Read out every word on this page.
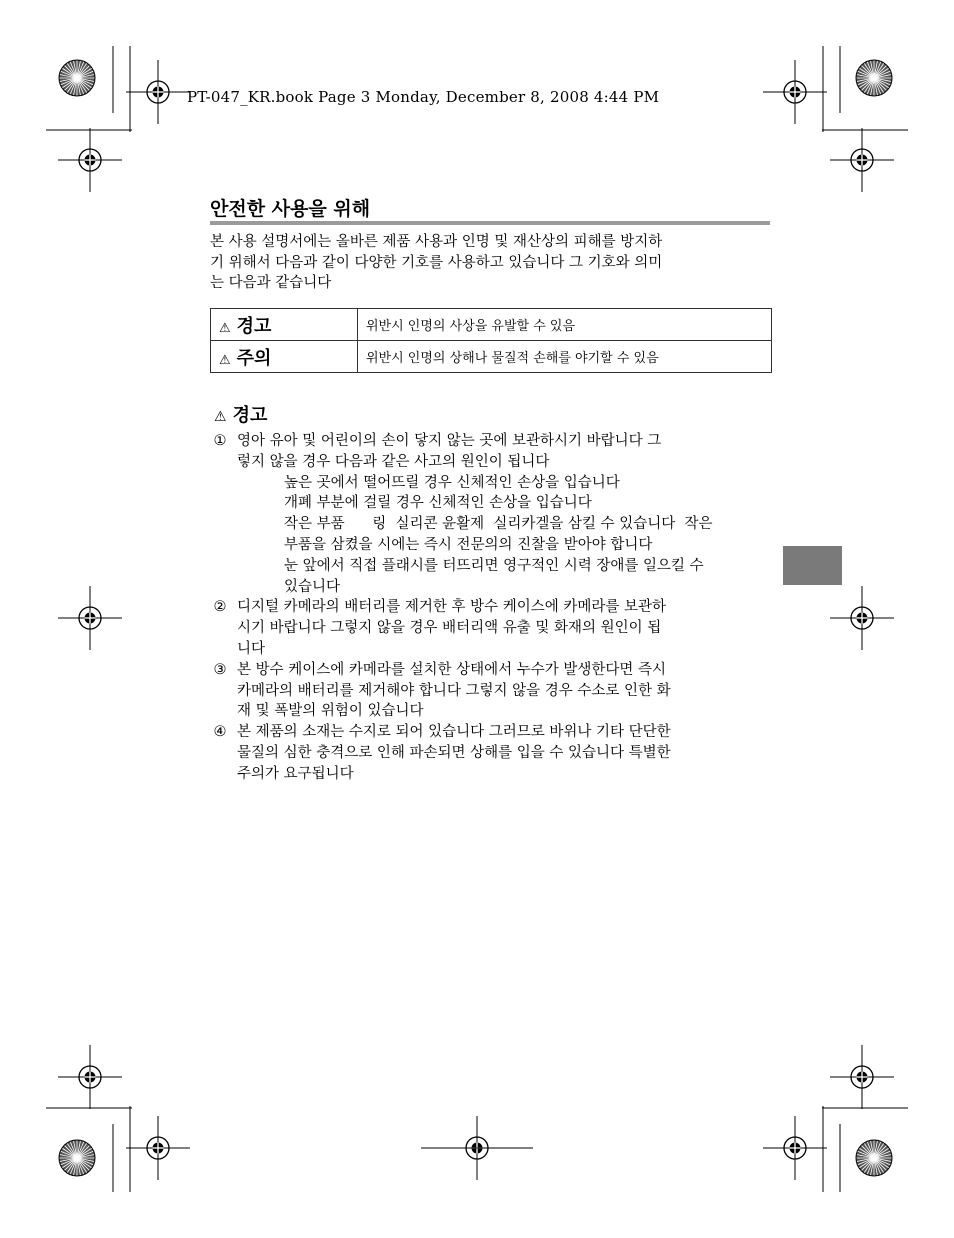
PT-047_KR.book Page 3 Monday, December 8, 2008 4:44 PM
안전한 사용을 위해

본 사용 설명서에는 올바른 제품 사용과 인명 및 재산상의 피해를 방지하

기 위해서 다음과 같이 다양한 기호를 사용하고 있습니다 그 기호와 의미

는 다음과 같습니다

⚠ 경고	위반시 인명의 사상을 유발할 수 있음
⚠ 주의	위반시 인명의 상해나 물질적 손해를 야기할 수 있음
⚠ 경고
① 영아 유아 및 어린이의 손이 닿지 않는 곳에 보관하시기 바랍니다 그
렇지 않을 경우 다음과 같은 사고의 원인이 됩니다
높은 곳에서 떨어뜨릴 경우 신체적인 손상을 입습니다
개폐 부분에 걸릴 경우 신체적인 손상을 입습니다
작은 부품      링  실리콘 윤활제  실리카겔을 삼킬 수 있습니다  작은
부품을 삼켰을 시에는 즉시 전문의의 진찰을 받아야 합니다
눈 앞에서 직접 플래시를 터뜨리면 영구적인 시력 장애를 일으킬 수
있습니다
② 디지털 카메라의 배터리를 제거한 후 방수 케이스에 카메라를 보관하
시기 바랍니다 그렇지 않을 경우 배터리액 유출 및 화재의 원인이 됩
니다
③ 본 방수 케이스에 카메라를 설치한 상태에서 누수가 발생한다면 즉시
카메라의 배터리를 제거해야 합니다 그렇지 않을 경우 수소로 인한 화
재 및 폭발의 위험이 있습니다
④ 본 제품의 소재는 수지로 되어 있습니다 그러므로 바위나 기타 단단한
물질의 심한 충격으로 인해 파손되면 상해를 입을 수 있습니다 특별한
주의가 요구됩니다
